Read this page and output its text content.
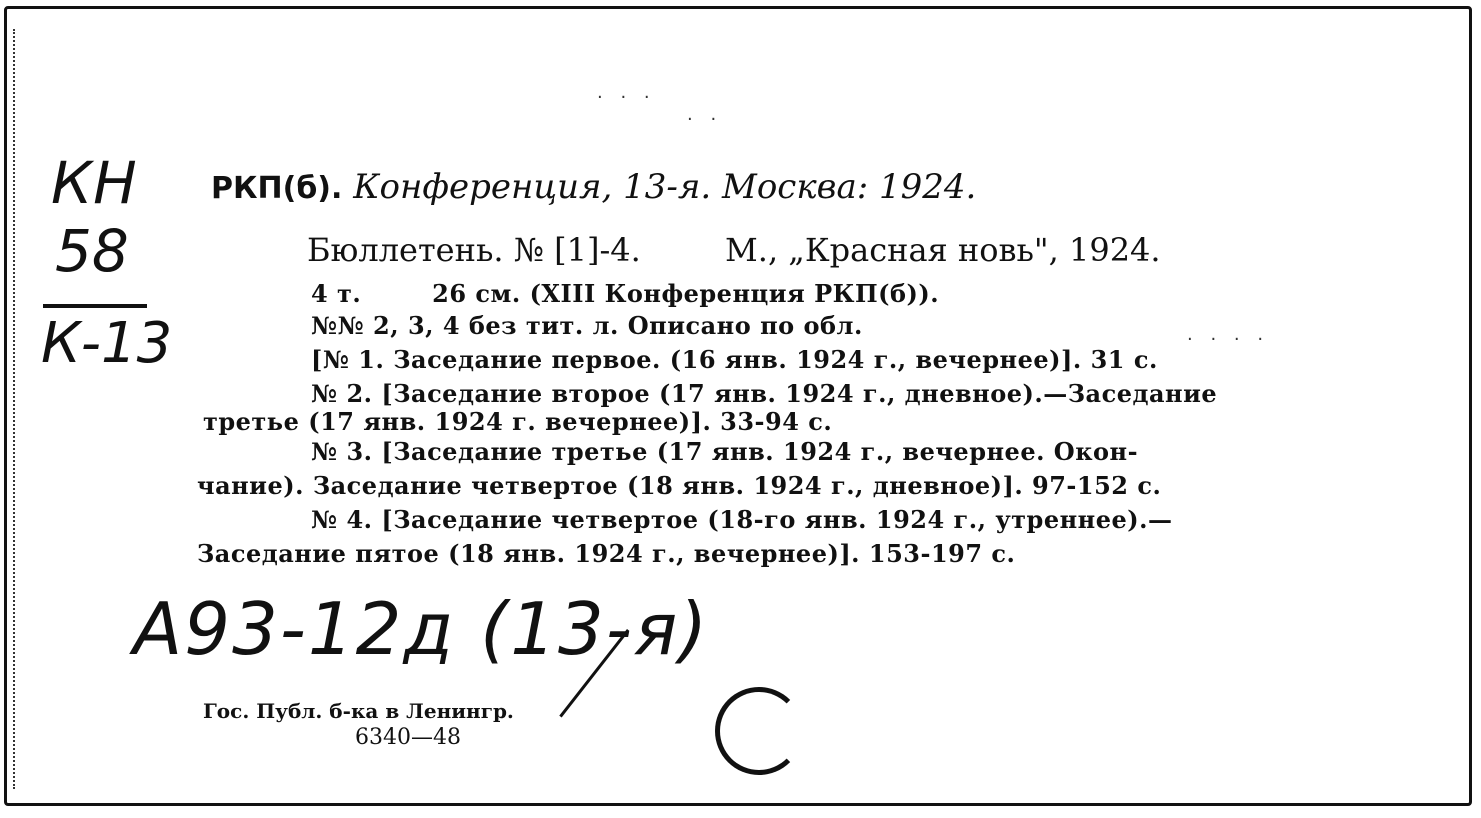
КН
58
К-13
РКП(б). Конференция, 13-я. Москва: 1924.
Бюллетень. № [1]-4.	М., „Красная новь", 1924.
4 т.	26 см. (XIII Конференция РКП(б)).
№№ 2, 3, 4 без тит. л. Описано по обл.
[№ 1. Заседание первое. (16 янв. 1924 г., вечернее)]. 31 с.
№ 2. [Заседание второе (17 янв. 1924 г., дневное).—Заседание
третье (17 янв. 1924 г. вечернее)]. 33-94 с.
№ 3. [Заседание третье (17 янв. 1924 г., вечернее. Окон-
чание). Заседание четвертое (18 янв. 1924 г., дневное)]. 97-152 с.
№ 4. [Заседание четвертое (18-го янв. 1924 г., утреннее).—
Заседание пятое (18 янв. 1924 г., вечернее)]. 153-197 с.
А93-12д (13-я)
Гос. Публ. б-ка в Ленингр.
6340—48
· · · ·
· · ·
· ·
